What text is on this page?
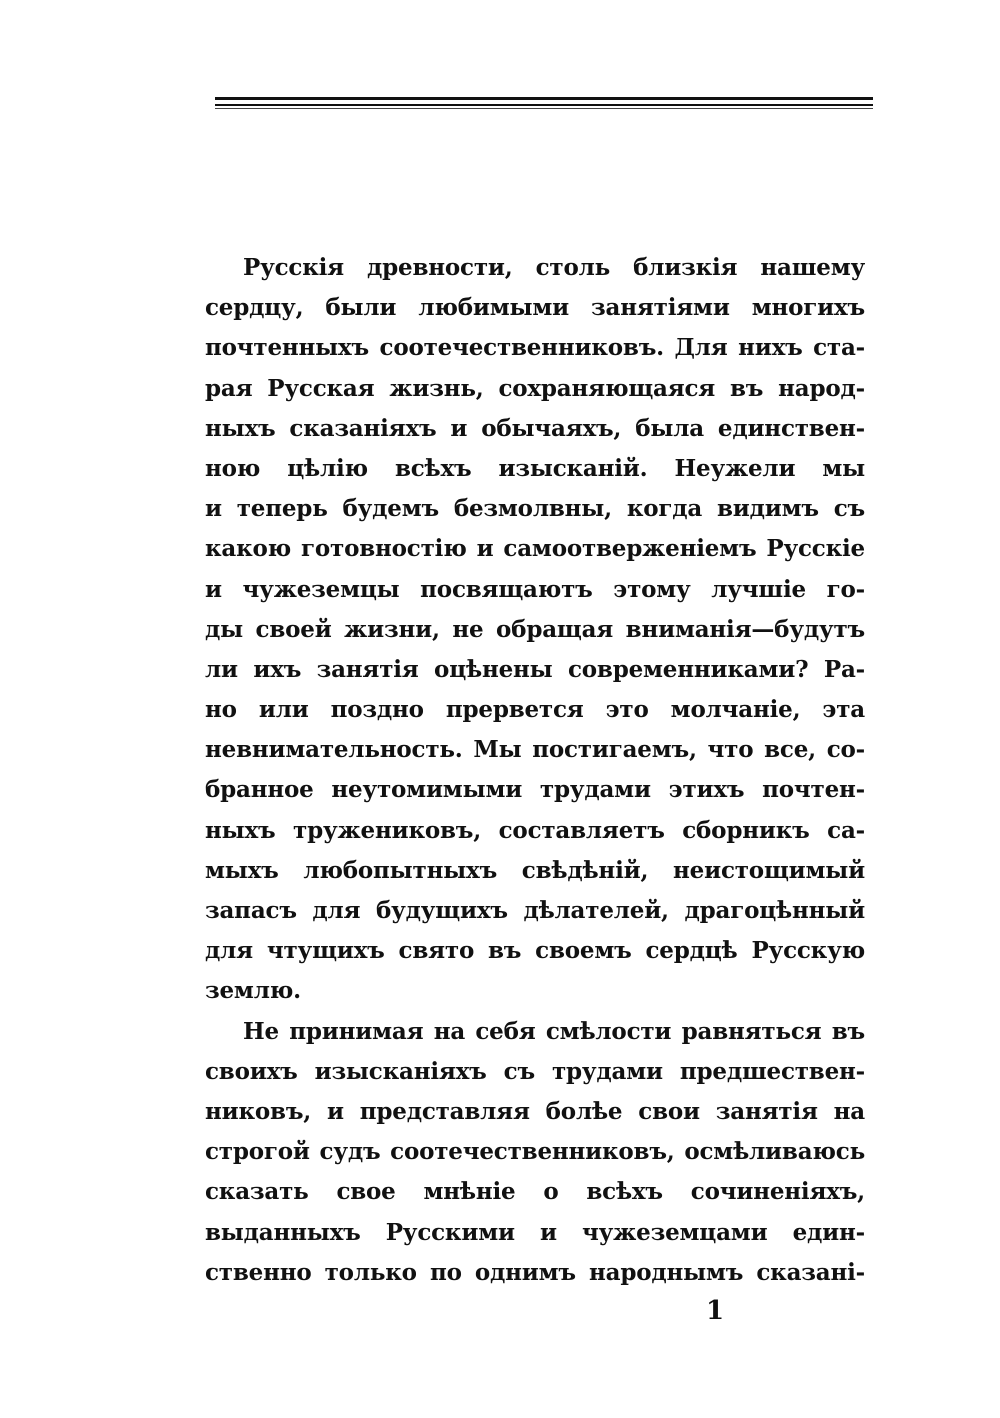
Русскія древности, столь близкія нашему
сердцу, были любимыми занятіями многихъ
почтенныхъ соотечественниковъ. Для нихъ ста-
рая Русская жизнь, сохраняющаяся въ народ-
ныхъ сказаніяхъ и обычаяхъ, была единствен-
ною цѣлію всѣхъ изысканій. Неужели мы
и теперь будемъ безмолвны, когда видимъ съ
какою готовностію и самоотверженіемъ Русскіе
и чужеземцы посвящаютъ этому лучшіе го-
ды своей жизни, не обращая вниманія—будутъ
ли ихъ занятія оцѣнены современниками? Ра-
но или поздно прервется это молчаніе, эта
невнимательность. Мы постигаемъ, что все, со-
бранное неутомимыми трудами этихъ почтен-
ныхъ тружениковъ, составляетъ сборникъ са-
мыхъ любопытныхъ свѣдѣній, неистощимый
запасъ для будущихъ дѣлателей, драгоцѣнный
для чтущихъ свято въ своемъ сердцѣ Русскую
землю.
Не принимая на себя смѣлости равняться въ
своихъ изысканіяхъ съ трудами предшествен-
никовъ, и представляя болѣе свои занятія на
строгой судъ соотечественниковъ, осмѣливаюсь
сказать свое мнѣніе о всѣхъ сочиненіяхъ,
выданныхъ Русскими и чужеземцами един-
ственно только по однимъ народнымъ сказані-
1
